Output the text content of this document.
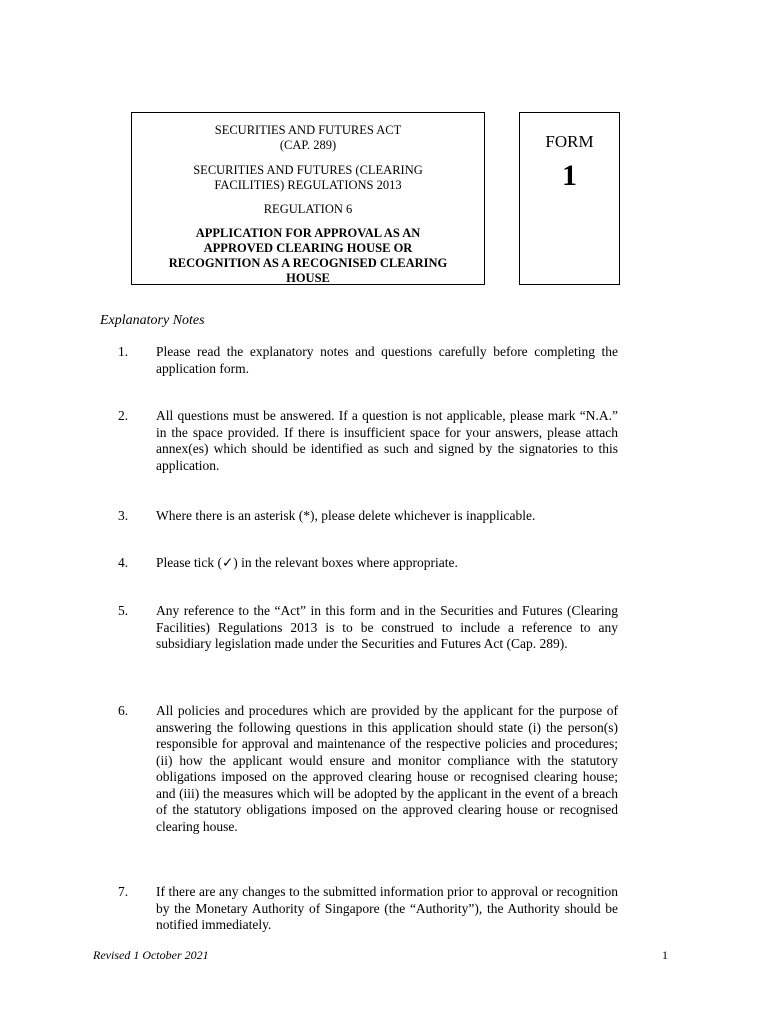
SECURITIES AND FUTURES ACT
(CAP. 289)
SECURITIES AND FUTURES (CLEARING
FACILITIES) REGULATIONS 2013
REGULATION 6
APPLICATION FOR APPROVAL AS AN
APPROVED CLEARING HOUSE OR
RECOGNITION AS A RECOGNISED CLEARING
HOUSE
FORM
1
Explanatory Notes
1. Please read the explanatory notes and questions carefully before completing the application form.
2. All questions must be answered. If a question is not applicable, please mark “N.A.” in the space provided. If there is insufficient space for your answers, please attach annex(es) which should be identified as such and signed by the signatories to this application.
3. Where there is an asterisk (*), please delete whichever is inapplicable.
4. Please tick (✓) in the relevant boxes where appropriate.
5. Any reference to the “Act” in this form and in the Securities and Futures (Clearing Facilities) Regulations 2013 is to be construed to include a reference to any subsidiary legislation made under the Securities and Futures Act (Cap. 289).
6. All policies and procedures which are provided by the applicant for the purpose of answering the following questions in this application should state (i) the person(s) responsible for approval and maintenance of the respective policies and procedures; (ii) how the applicant would ensure and monitor compliance with the statutory obligations imposed on the approved clearing house or recognised clearing house; and (iii) the measures which will be adopted by the applicant in the event of a breach of the statutory obligations imposed on the approved clearing house or recognised clearing house.
7. If there are any changes to the submitted information prior to approval or recognition by the Monetary Authority of Singapore (the “Authority”), the Authority should be notified immediately.
Revised 1 October 2021	1
